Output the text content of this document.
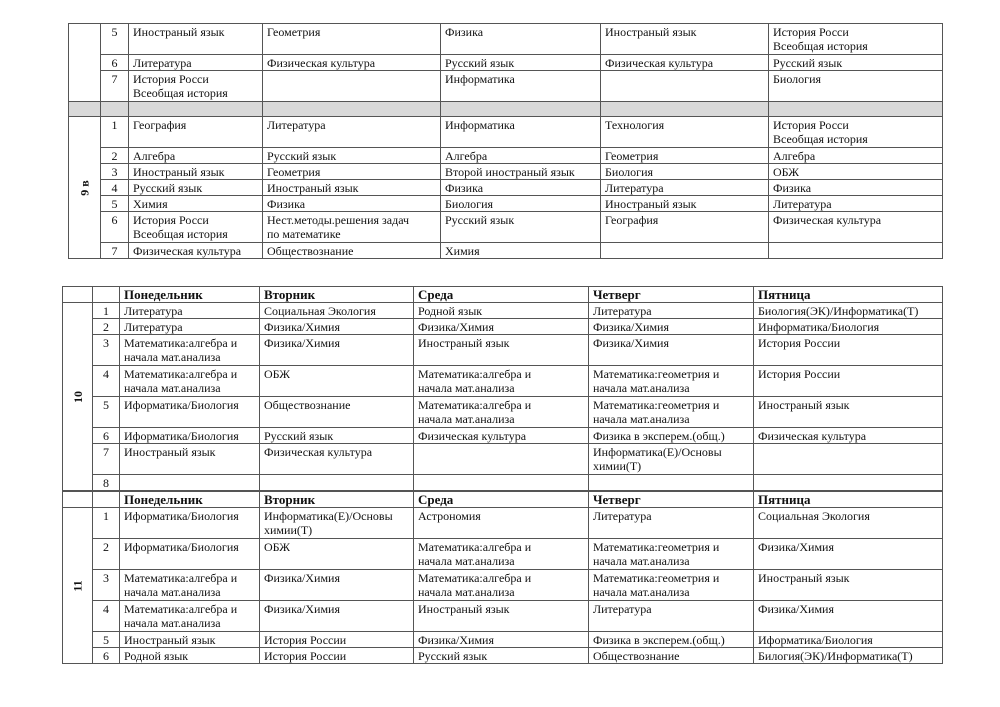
	5	Иностраный язык	Геометрия	Физика	Иностраный язык	История Росси
Всеобщая история

	6	Литература	Физическая культура	Русский язык	Физическая культура	Русский язык

	7	История Росси
Всеобщая история		Информатика		Биология

9 в	1	География	Литература	Информатика	Технология	История Росси
Всеобщая история

	2	Алгебра	Русский язык	Алгебра	Геометрия	Алгебра

	3	Иностраный язык	Геометрия	Второй иностраный язык	Биология	ОБЖ

	4	Русский язык	Иностраный язык	Физика	Литература	Физика

	5	Химия	Физика	Биология	Иностраный язык	Литература

	6	История Росси
Всеобщая история	Нест.методы.решения задач
по математике	Русский язык	География	Физическая культура

	7	Физическая культура	Обществознание	Химия		

		Понедельник	Вторник	Среда	Четверг	Пятница
10	1	Литература	Социальная Экология	Родной язык	Литература	Биология(ЭК)/Информатика(Т)

	2	Литература	Физика/Химия	Физика/Химия	Физика/Химия	Информатика/Биология

	3	Математика:алгебра и
начала мат.анализа	Физика/Химия	Иностраный язык	Физика/Химия	История России

	4	Математика:алгебра и
начала мат.анализа	ОБЖ	Математика:алгебра и
начала мат.анализа	Математика:геометрия и
начала мат.анализа	История России

	5	Иформатика/Биология	Обществознание	Математика:алгебра и
начала мат.анализа	Математика:геометрия и
начала мат.анализа	Иностраный язык

	6	Иформатика/Биология	Русский язык	Физическая культура	Физика в эксперем.(общ.)	Физическая культура

	7	Иностраный язык	Физическая культура		Информатика(Е)/Основы
химии(Т)	

	8	

		Понедельник	Вторник	Среда	Четверг	Пятница
11	1	Иформатика/Биология	Информатика(Е)/Основы
химии(Т)	Астрономия	Литература	Социальная Экология

	2	Иформатика/Биология	ОБЖ	Математика:алгебра и
начала мат.анализа	Математика:геометрия и
начала мат.анализа	Физика/Химия

	3	Математика:алгебра и
начала мат.анализа	Физика/Химия	Математика:алгебра и
начала мат.анализа	Математика:геометрия и
начала мат.анализа	Иностраный язык

	4	Математика:алгебра и
начала мат.анализа	Физика/Химия	Иностраный язык	Литература	Физика/Химия

	5	Иностраный язык	История России	Физика/Химия	Физика в эксперем.(общ.)	Иформатика/Биология

	6	Родной язык	История России	Русский язык	Обществознание	Билогия(ЭК)/Информатика(Т)
